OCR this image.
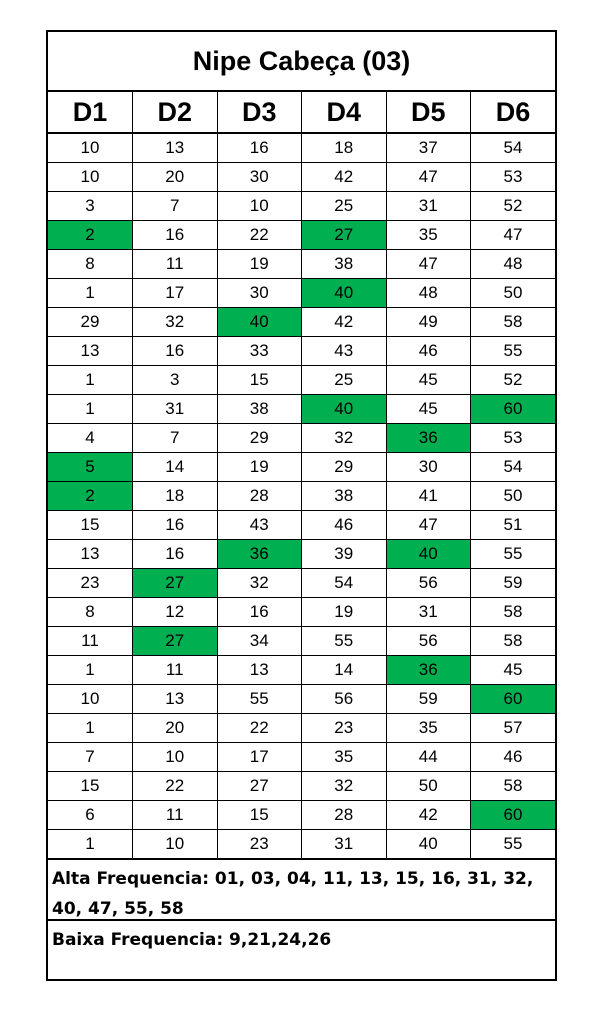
Nipe Cabeça (03)
D1	D2	D3	D4	D5	D6
10	13	16	18	37	54
10	20	30	42	47	53
3	7	10	25	31	52
2	16	22	27	35	47
8	11	19	38	47	48
1	17	30	40	48	50
29	32	40	42	49	58
13	16	33	43	46	55
1	3	15	25	45	52
1	31	38	40	45	60
4	7	29	32	36	53
5	14	19	29	30	54
2	18	28	38	41	50
15	16	43	46	47	51
13	16	36	39	40	55
23	27	32	54	56	59
8	12	16	19	31	58
11	27	34	55	56	58
1	11	13	14	36	45
10	13	55	56	59	60
1	20	22	23	35	57
7	10	17	35	44	46
15	22	27	32	50	58
6	11	15	28	42	60
1	10	23	31	40	55
Alta Frequencia: 01, 03, 04, 11, 13, 15, 16, 31, 32, 40, 47, 55, 58
Baixa Frequencia: 9,21,24,26
